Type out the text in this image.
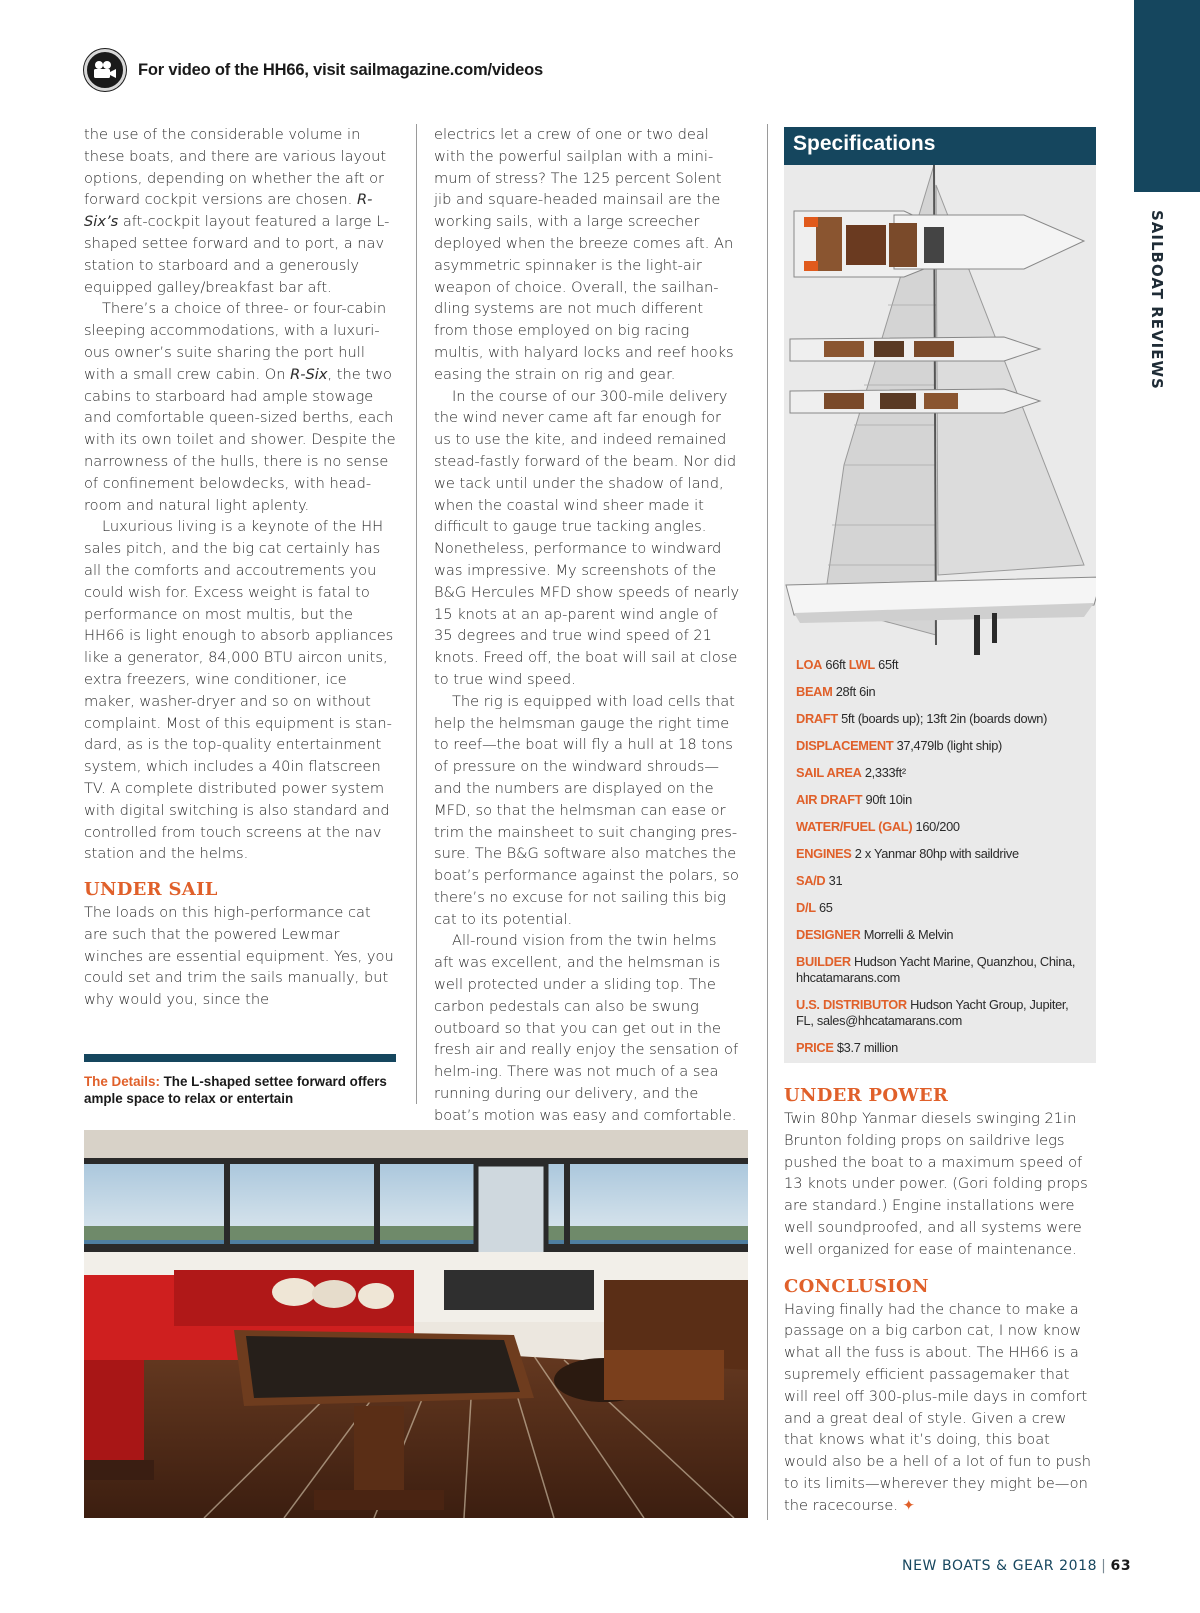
SAILBOAT REVIEWS
For video of the HH66, visit sailmagazine.com/videos

the use of the considerable volume in these boats, and there are various layout options, depending on whether the aft or forward cockpit versions are chosen. R-Six’s aft-cockpit layout featured a large L-shaped settee forward and to port, a nav station to starboard and a generously equipped galley/breakfast bar aft.

There’s a choice of three- or four-cabin sleeping accommodations, with a luxuri-ous owner’s suite sharing the port hull with a small crew cabin. On R-Six, the two cabins to starboard had ample stowage and comfortable queen-sized berths, each with its own toilet and shower. Despite the narrowness of the hulls, there is no sense of confinement belowdecks, with head-room and natural light aplenty.

Luxurious living is a keynote of the HH sales pitch, and the big cat certainly has all the comforts and accoutrements you could wish for. Excess weight is fatal to performance on most multis, but the HH66 is light enough to absorb appliances like a generator, 84,000 BTU aircon units, extra freezers, wine conditioner, ice maker, washer-dryer and so on without complaint. Most of this equipment is stan-dard, as is the top-quality entertainment system, which includes a 40in flatscreen TV. A complete distributed power system with digital switching is also standard and controlled from touch screens at the nav station and the helms.

UNDER SAIL

The loads on this high-performance cat are such that the powered Lewmar winches are essential equipment. Yes, you could set and trim the sails manually, but why would you, since the

The Details: The L-shaped settee forward offers ample space to relax or entertain

electrics let a crew of one or two deal with the powerful sailplan with a mini-mum of stress? The 125 percent Solent jib and square-headed mainsail are the working sails, with a large screecher deployed when the breeze comes aft. An asymmetric spinnaker is the light-air weapon of choice. Overall, the sailhan-dling systems are not much different from those employed on big racing multis, with halyard locks and reef hooks easing the strain on rig and gear.

In the course of our 300-mile delivery the wind never came aft far enough for us to use the kite, and indeed remained stead-fastly forward of the beam. Nor did we tack until under the shadow of land, when the coastal wind sheer made it difficult to gauge true tacking angles. Nonetheless, performance to windward was impressive. My screenshots of the B&G Hercules MFD show speeds of nearly 15 knots at an ap-parent wind angle of 35 degrees and true wind speed of 21 knots. Freed off, the boat will sail at close to true wind speed.

The rig is equipped with load cells that help the helmsman gauge the right time to reef—the boat will fly a hull at 18 tons of pressure on the windward shrouds—and the numbers are displayed on the MFD, so that the helmsman can ease or trim the mainsheet to suit changing pres-sure. The B&G software also matches the boat’s performance against the polars, so there’s no excuse for not sailing this big cat to its potential.

All-round vision from the twin helms aft was excellent, and the helmsman is well protected under a sliding top. The carbon pedestals can also be swung outboard so that you can get out in the fresh air and really enjoy the sensation of helm-ing. There was not much of a sea running during our delivery, and the boat’s motion was easy and comfortable.

Specifications
LOA 66ft LWL 65ft
BEAM 28ft 6in
DRAFT 5ft (boards up); 13ft 2in (boards down)
DISPLACEMENT 37,479lb (light ship)
SAIL AREA 2,333ft²
AIR DRAFT 90ft 10in
WATER/FUEL (GAL) 160/200
ENGINES 2 x Yanmar 80hp with saildrive
SA/D 31
D/L 65
DESIGNER Morrelli & Melvin
BUILDER Hudson Yacht Marine, Quanzhou, China, hhcatamarans.com
U.S. DISTRIBUTOR Hudson Yacht Group, Jupiter, FL, sales@hhcatamarans.com
PRICE $3.7 million
UNDER POWER

Twin 80hp Yanmar diesels swinging 21in Brunton folding props on saildrive legs pushed the boat to a maximum speed of 13 knots under power. (Gori folding props are standard.) Engine installations were well soundproofed, and all systems were well organized for ease of maintenance.

CONCLUSION

Having finally had the chance to make a passage on a big carbon cat, I now know what all the fuss is about. The HH66 is a supremely efficient passagemaker that will reel off 300-plus-mile days in comfort and a great deal of style. Given a crew that knows what it’s doing, this boat would also be a hell of a lot of fun to push to its limits—wherever they might be—on the racecourse. ✦

NEW BOATS & GEAR 2018 | 63
